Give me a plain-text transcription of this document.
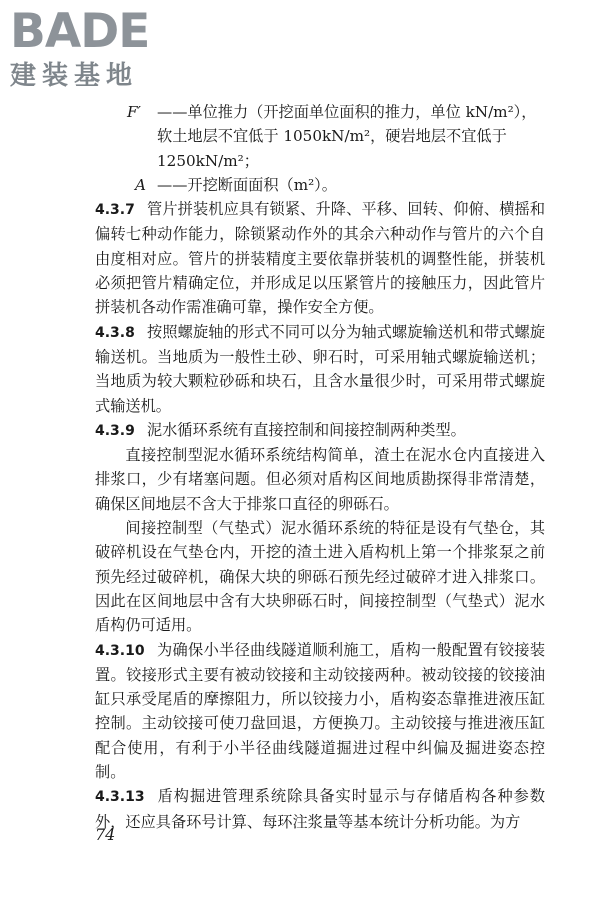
BADE
建装基地
F′ ——单位推力（开挖面单位面积的推力，单位 kN/m²），软土地层不宜低于 1050kN/m²，硬岩地层不宜低于 1250kN/m²；
A ——开挖断面面积（m²）。

4.3.7 管片拼装机应具有锁紧、升降、平移、回转、仰俯、横摇和偏转七种动作能力，除锁紧动作外的其余六种动作与管片的六个自由度相对应。管片的拼装精度主要依靠拼装机的调整性能，拼装机必须把管片精确定位，并形成足以压紧管片的接触压力，因此管片拼装机各动作需准确可靠，操作安全方便。

4.3.8 按照螺旋轴的形式不同可以分为轴式螺旋输送机和带式螺旋输送机。当地质为一般性土砂、卵石时，可采用轴式螺旋输送机；当地质为较大颗粒砂砾和块石，且含水量很少时，可采用带式螺旋式输送机。

4.3.9 泥水循环系统有直接控制和间接控制两种类型。

直接控制型泥水循环系统结构简单，渣土在泥水仓内直接进入排浆口，少有堵塞问题。但必须对盾构区间地质勘探得非常清楚，确保区间地层不含大于排浆口直径的卵砾石。

间接控制型（气垫式）泥水循环系统的特征是设有气垫仓，其破碎机设在气垫仓内，开挖的渣土进入盾构机上第一个排浆泵之前预先经过破碎机，确保大块的卵砾石预先经过破碎才进入排浆口。因此在区间地层中含有大块卵砾石时，间接控制型（气垫式）泥水盾构仍可适用。

4.3.10 为确保小半径曲线隧道顺利施工，盾构一般配置有铰接装置。铰接形式主要有被动铰接和主动铰接两种。被动铰接的铰接油缸只承受尾盾的摩擦阻力，所以铰接力小，盾构姿态靠推进液压缸控制。主动铰接可使刀盘回退，方便换刀。主动铰接与推进液压缸配合使用，有利于小半径曲线隧道掘进过程中纠偏及掘进姿态控制。

4.3.13 盾构掘进管理系统除具备实时显示与存储盾构各种参数外，还应具备环号计算、每环注浆量等基本统计分析功能。为方

74
